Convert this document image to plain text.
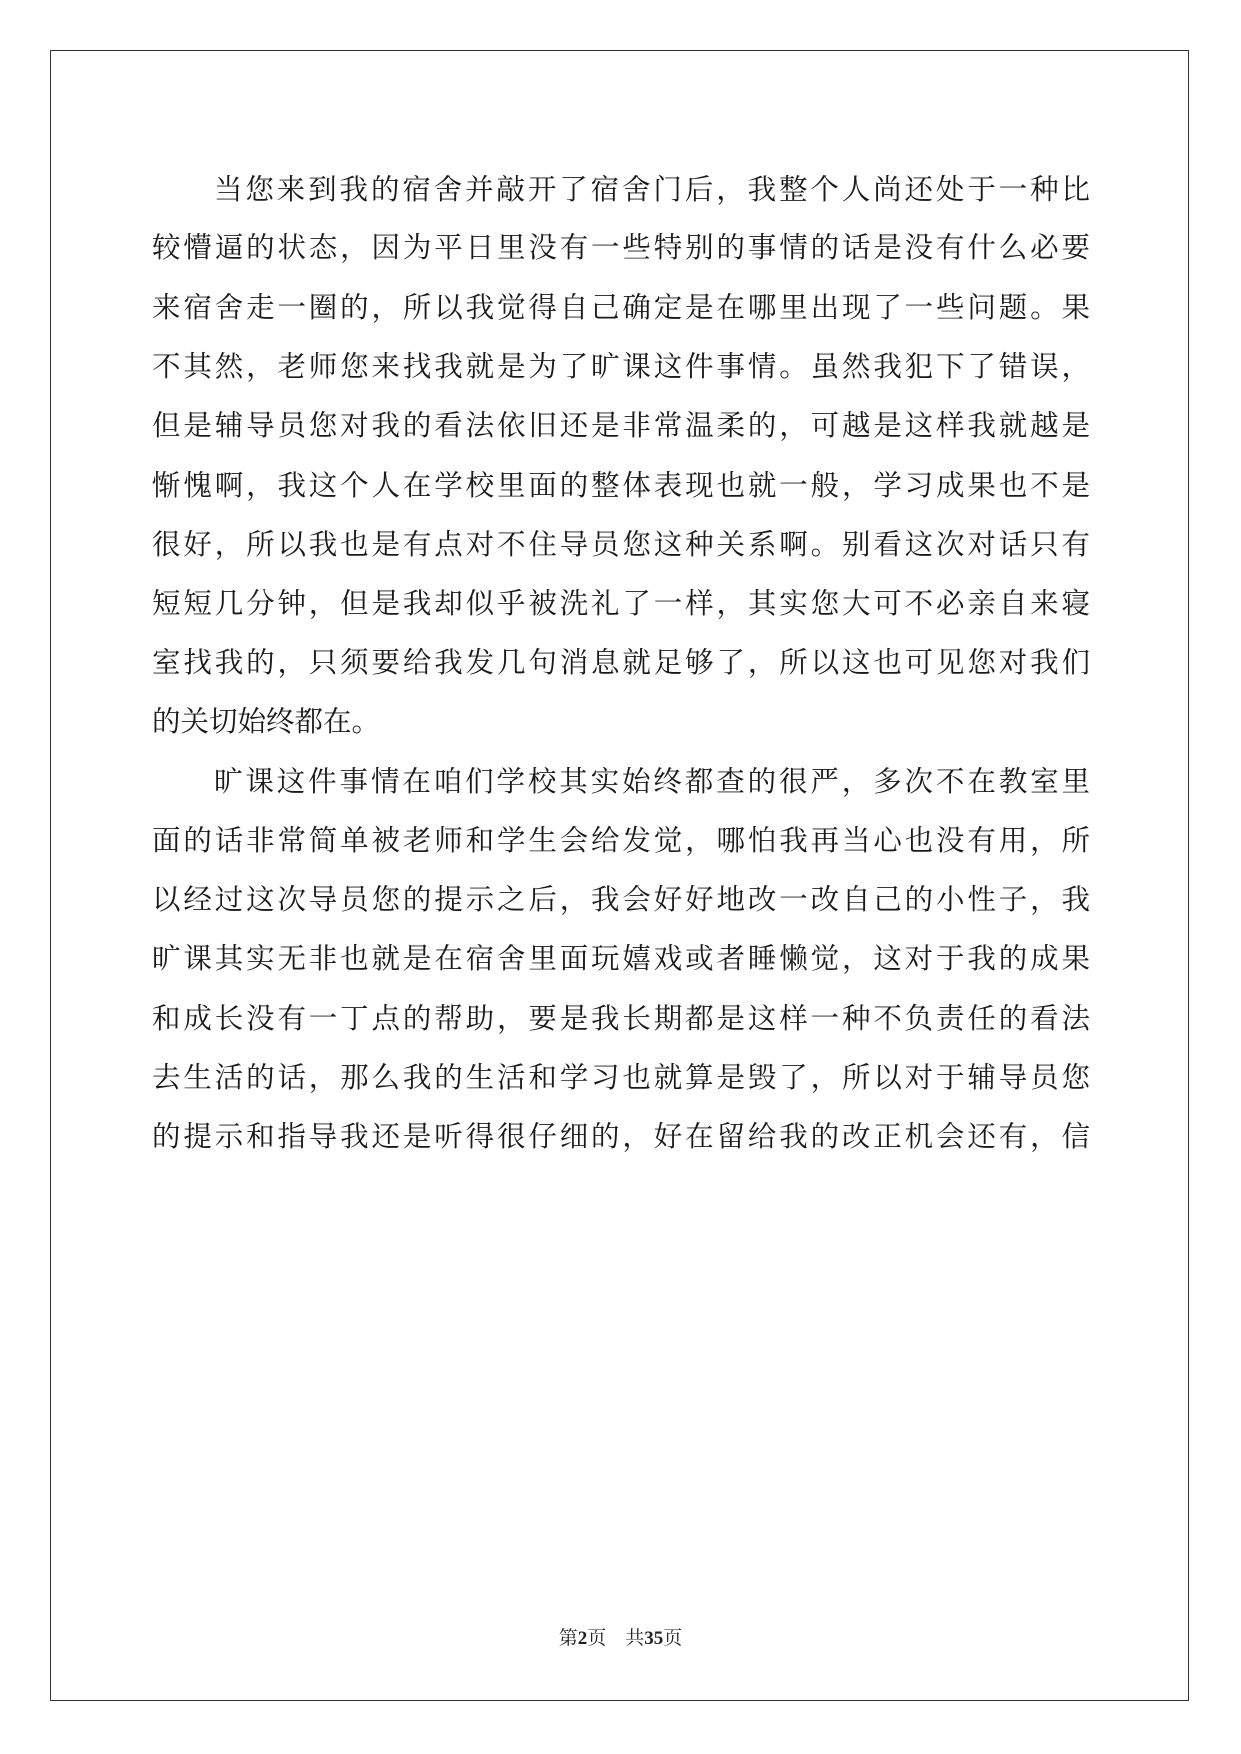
当您来到我的宿舍并敲开了宿舍门后，我整个人尚还处于一种比
较懵逼的状态，因为平日里没有一些特别的事情的话是没有什么必要
来宿舍走一圈的，所以我觉得自己确定是在哪里出现了一些问题。果
不其然，老师您来找我就是为了旷课这件事情。虽然我犯下了错误，
但是辅导员您对我的看法依旧还是非常温柔的，可越是这样我就越是
惭愧啊，我这个人在学校里面的整体表现也就一般，学习成果也不是
很好，所以我也是有点对不住导员您这种关系啊。别看这次对话只有
短短几分钟，但是我却似乎被洗礼了一样，其实您大可不必亲自来寝
室找我的，只须要给我发几句消息就足够了，所以这也可见您对我们
的关切始终都在。
旷课这件事情在咱们学校其实始终都查的很严，多次不在教室里
面的话非常简单被老师和学生会给发觉，哪怕我再当心也没有用，所
以经过这次导员您的提示之后，我会好好地改一改自己的小性子，我
旷课其实无非也就是在宿舍里面玩嬉戏或者睡懒觉，这对于我的成果
和成长没有一丁点的帮助，要是我长期都是这样一种不负责任的看法
去生活的话，那么我的生活和学习也就算是毁了，所以对于辅导员您
的提示和指导我还是听得很仔细的，好在留给我的改正机会还有，信
第2页 共35页
